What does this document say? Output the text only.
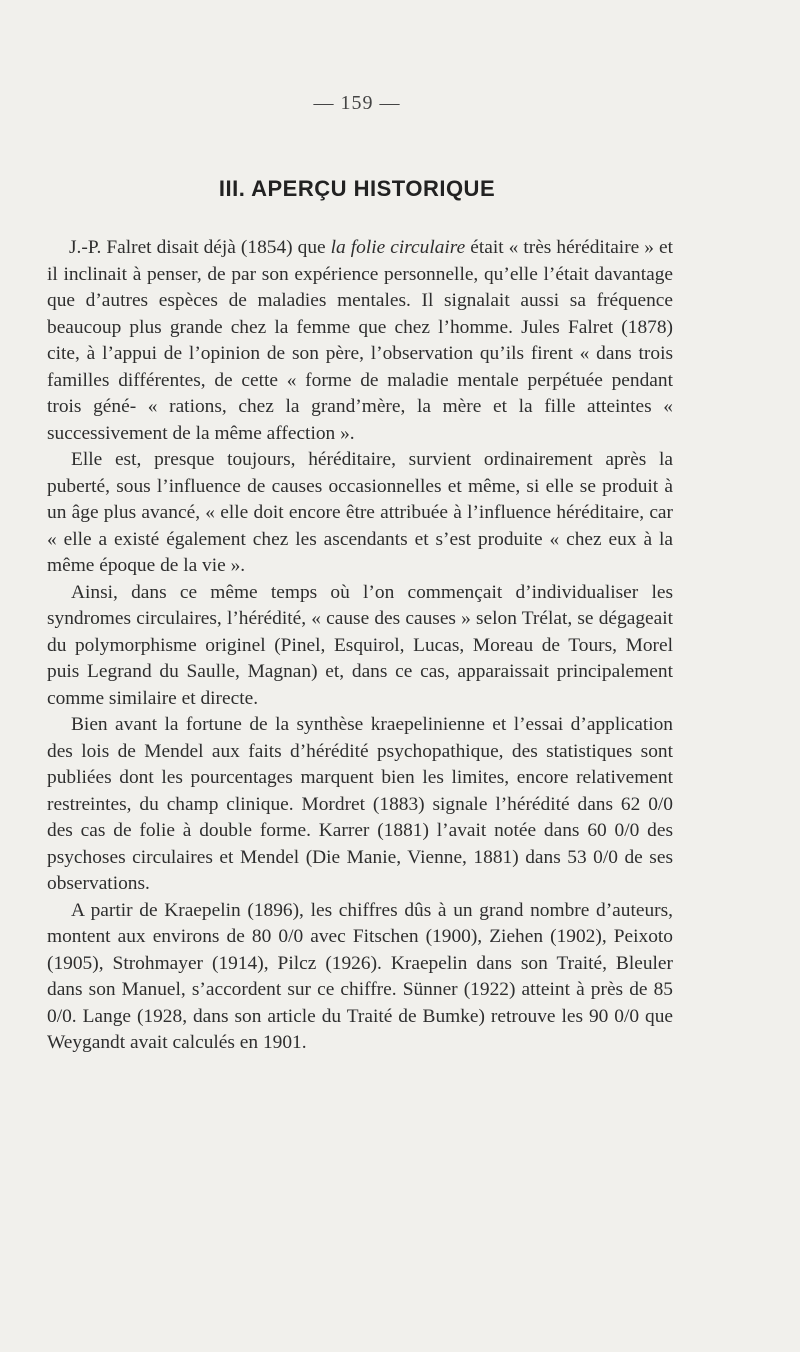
— 159 —
III. APERÇU HISTORIQUE

J.-P. Falret disait déjà (1854) que la folie circulaire était « très héréditaire » et il inclinait à penser, de par son expérience personnelle, qu’elle l’était davantage que d’autres espèces de maladies mentales. Il signalait aussi sa fréquence beaucoup plus grande chez la femme que chez l’homme. Jules Falret (1878) cite, à l’appui de l’opinion de son père, l’observation qu’ils firent « dans trois familles différentes, de cette « forme de maladie mentale perpétuée pendant trois géné- « rations, chez la grand’mère, la mère et la fille atteintes « successivement de la même affection ».

Elle est, presque toujours, héréditaire, survient ordinairement après la puberté, sous l’influence de causes occasionnelles et même, si elle se produit à un âge plus avancé, « elle doit encore être attribuée à l’influence héréditaire, car « elle a existé également chez les ascendants et s’est produite « chez eux à la même époque de la vie ».

Ainsi, dans ce même temps où l’on commençait d’individualiser les syndromes circulaires, l’hérédité, « cause des causes » selon Trélat, se dégageait du polymorphisme originel (Pinel, Esquirol, Lucas, Moreau de Tours, Morel puis Legrand du Saulle, Magnan) et, dans ce cas, apparaissait principalement comme similaire et directe.

Bien avant la fortune de la synthèse kraepelinienne et l’essai d’application des lois de Mendel aux faits d’hérédité psychopathique, des statistiques sont publiées dont les pourcentages marquent bien les limites, encore relativement restreintes, du champ clinique. Mordret (1883) signale l’hérédité dans 62 0/0 des cas de folie à double forme. Karrer (1881) l’avait notée dans 60 0/0 des psychoses circulaires et Mendel (Die Manie, Vienne, 1881) dans 53 0/0 de ses observations.

A partir de Kraepelin (1896), les chiffres dûs à un grand nombre d’auteurs, montent aux environs de 80 0/0 avec Fitschen (1900), Ziehen (1902), Peixoto (1905), Strohmayer (1914), Pilcz (1926). Kraepelin dans son Traité, Bleuler dans son Manuel, s’accordent sur ce chiffre. Sünner (1922) atteint à près de 85 0/0. Lange (1928, dans son article du Traité de Bumke) retrouve les 90 0/0 que Weygandt avait calculés en 1901.
